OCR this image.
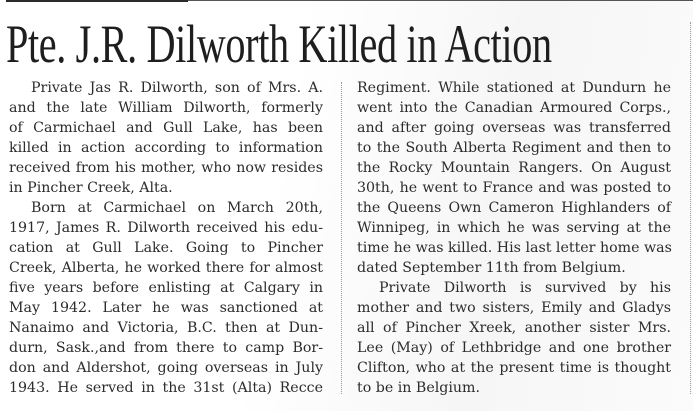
Pte. J.R. Dilworth Killed in Action
Private Jas R. Dilworth, son of Mrs. A.
and the late William Dilworth, formerly
of Carmichael and Gull Lake, has been
killed in action according to information
received from his mother, who now resides
in Pincher Creek, Alta.
Born at Carmichael on March 20th,
1917, James R. Dilworth received his edu-
cation at Gull Lake. Going to Pincher
Creek, Alberta, he worked there for almost
five years before enlisting at Calgary in
May 1942. Later he was sanctioned at
Nanaimo and Victoria, B.C. then at Dun-
durn, Sask.,and from there to camp Bor-
don and Aldershot, going overseas in July
1943. He served in the 31st (Alta) Recce
Regiment. While stationed at Dundurn he
went into the Canadian Armoured Corps.,
and after going overseas was transferred
to the South Alberta Regiment and then to
the Rocky Mountain Rangers. On August
30th, he went to France and was posted to
the Queens Own Cameron Highlanders of
Winnipeg, in which he was serving at the
time he was killed. His last letter home was
dated September 11th from Belgium.
Private Dilworth is survived by his
mother and two sisters, Emily and Gladys
all of Pincher Xreek, another sister Mrs.
Lee (May) of Lethbridge and one brother
Clifton, who at the present time is thought
to be in Belgium.
